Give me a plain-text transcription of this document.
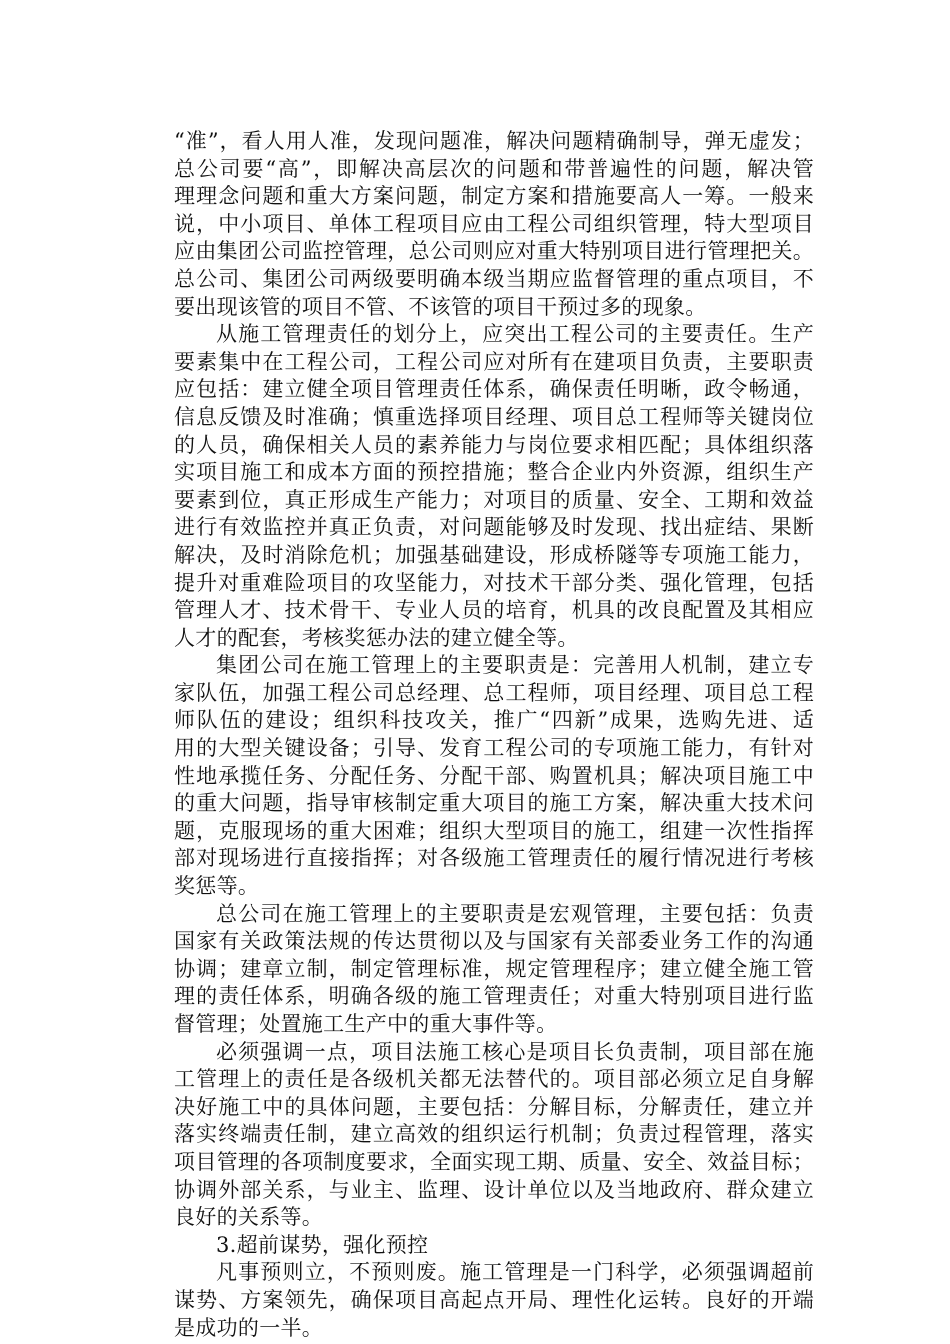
“准”，看人用人准，发现问题准，解决问题精确制导，弹无虚发；
总公司要“高”，即解决高层次的问题和带普遍性的问题，解决管
理理念问题和重大方案问题，制定方案和措施要高人一筹。一般来
说，中小项目、单体工程项目应由工程公司组织管理，特大型项目
应由集团公司监控管理，总公司则应对重大特别项目进行管理把关。
总公司、集团公司两级要明确本级当期应监督管理的重点项目，不
要出现该管的项目不管、不该管的项目干预过多的现象。
从施工管理责任的划分上，应突出工程公司的主要责任。生产
要素集中在工程公司，工程公司应对所有在建项目负责，主要职责
应包括：建立健全项目管理责任体系，确保责任明晰，政令畅通，
信息反馈及时准确；慎重选择项目经理、项目总工程师等关键岗位
的人员，确保相关人员的素养能力与岗位要求相匹配；具体组织落
实项目施工和成本方面的预控措施；整合企业内外资源，组织生产
要素到位，真正形成生产能力；对项目的质量、安全、工期和效益
进行有效监控并真正负责，对问题能够及时发现、找出症结、果断
解决，及时消除危机；加强基础建设，形成桥隧等专项施工能力，
提升对重难险项目的攻坚能力，对技术干部分类、强化管理，包括
管理人才、技术骨干、专业人员的培育，机具的改良配置及其相应
人才的配套，考核奖惩办法的建立健全等。
集团公司在施工管理上的主要职责是：完善用人机制，建立专
家队伍，加强工程公司总经理、总工程师，项目经理、项目总工程
师队伍的建设；组织科技攻关，推广“四新”成果，选购先进、适
用的大型关键设备；引导、发育工程公司的专项施工能力，有针对
性地承揽任务、分配任务、分配干部、购置机具；解决项目施工中
的重大问题，指导审核制定重大项目的施工方案，解决重大技术问
题，克服现场的重大困难；组织大型项目的施工，组建一次性指挥
部对现场进行直接指挥；对各级施工管理责任的履行情况进行考核
奖惩等。
总公司在施工管理上的主要职责是宏观管理，主要包括：负责
国家有关政策法规的传达贯彻以及与国家有关部委业务工作的沟通
协调；建章立制，制定管理标准，规定管理程序；建立健全施工管
理的责任体系，明确各级的施工管理责任；对重大特别项目进行监
督管理；处置施工生产中的重大事件等。
必须强调一点，项目法施工核心是项目长负责制，项目部在施
工管理上的责任是各级机关都无法替代的。项目部必须立足自身解
决好施工中的具体问题，主要包括：分解目标，分解责任，建立并
落实终端责任制，建立高效的组织运行机制；负责过程管理，落实
项目管理的各项制度要求，全面实现工期、质量、安全、效益目标；
协调外部关系，与业主、监理、设计单位以及当地政府、群众建立
良好的关系等。
3.超前谋势，强化预控
凡事预则立，不预则废。施工管理是一门科学，必须强调超前
谋势、方案领先，确保项目高起点开局、理性化运转。良好的开端
是成功的一半。
